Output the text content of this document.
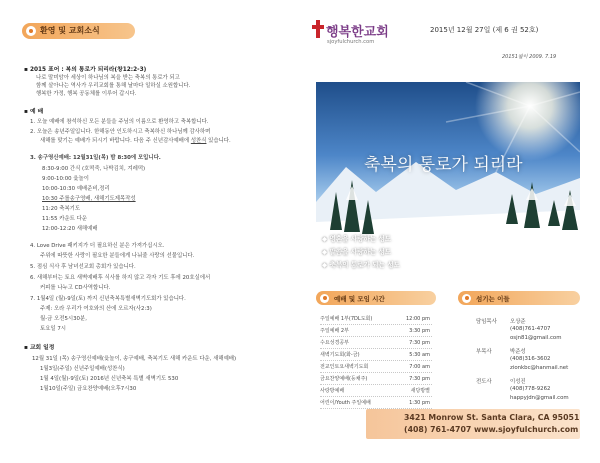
환영 및 교회소식
▪ 2015 표어 : 복의 통로가 되리라(창12:2-3)
나로 말미암아 세상이 하나님의 복을 받는 축복의 통로가 되고
함께 살아나는 역사가 우리교회를 통해 날마다 일하실 소원합니다.
행복한 가정, 행복 공동체를 이루어 갑시다.
▪ 예 배
1. 오늘 예배에 참석하신 모든 분들을 주님의 이름으로 환영하고 축복합니다.
2. 오늘은 송년주일입니다. 한해동안 인도하시고 축복하신 하나님께 감사하며
새해를 맞기는 예배가 되시기 바랍니다. 다음 주 신년감사예배에 성찬식 있습니다.
3. 송구영신예배: 12월31일(목) 밤 8:30에 모입니다.
8:30-9:00 간식 (호떡죽, 나박김치, 겨레떡)
9:00-10:00 윷놀이
10:00-10:30 예배준비,정리
10:30 주를송구영배, 새해기도제목작성
11:20 축복기도
11:55 카운트 다운
12:00-12:20 새해예배
4. Love Drive 패키지가 더 필요하신 분은 가져가십시오.
주위에 따뜻한 사랑이 필요한 분들에게 나눠줄 사랑의 선물입니다.
5. 점심 식사 후 남녀선교회 총회가 있습니다.
6. 새해부터는 토요 새벽예배후 식사를 하지 않고 각자 기도 후에 20호실에서
커피를 나누고 CD사역합니다.
7. 1월4일 (월)-9일(토) 까지 신년축복특별새벽기도회가 있습니다.
주제: 오라 우리가 여호와의 산에 오르자(사2:3)
월-금 오전5시30분,
토요일 7시
▪ 교회 일정
12월 31일 (목) 송구영신예배(윷놀이, 송구예배, 축복기도 새해 카운트 다운, 새해예배)
1월3일(주일) 신년주일예배(성찬식)
1월 4일(월)-9일(토) 2016년 신년축복 특별 새벽기도 530
1월10일(주일) 금요찬양예배(오후7시30
행복한교회
sjoyfulchurch.com
2015년 12월 27일 (제 6 권 52호)
20151월이 2009. 7.19
축복의 통로가 되리라
◆ 영혼을 사랑하는 성도
◆ 말씀을 사랑하는 성도
◆ 축복의 통로가 되는 성도
예배 및 모임 시간
주일예배 1부(7DL도회)	12:00 pm
주일예배 2부	3:30 pm
수요성경공부	7:30 pm
새벽기도회(화-금)	5:30 am
전교인토요새벽기도회	7:00 am
금요찬양예배(등채주)	7:30 pm
사랑방예배	새당방별
어린이/Youth 주일예배	1:30 pm
섬기는 이들
담임목사 오상준
(408)761-4707
osjn81@gmail.com
부목사	박준성
(408)316-3602
zionkbc@hanmail.net
전도사	이성진
(408)778-9262
happyjdn@gmail.com
3421 Monrow St. Santa Clara, CA 95051
(408) 761-4707 www.sjoyfulchurch.com
